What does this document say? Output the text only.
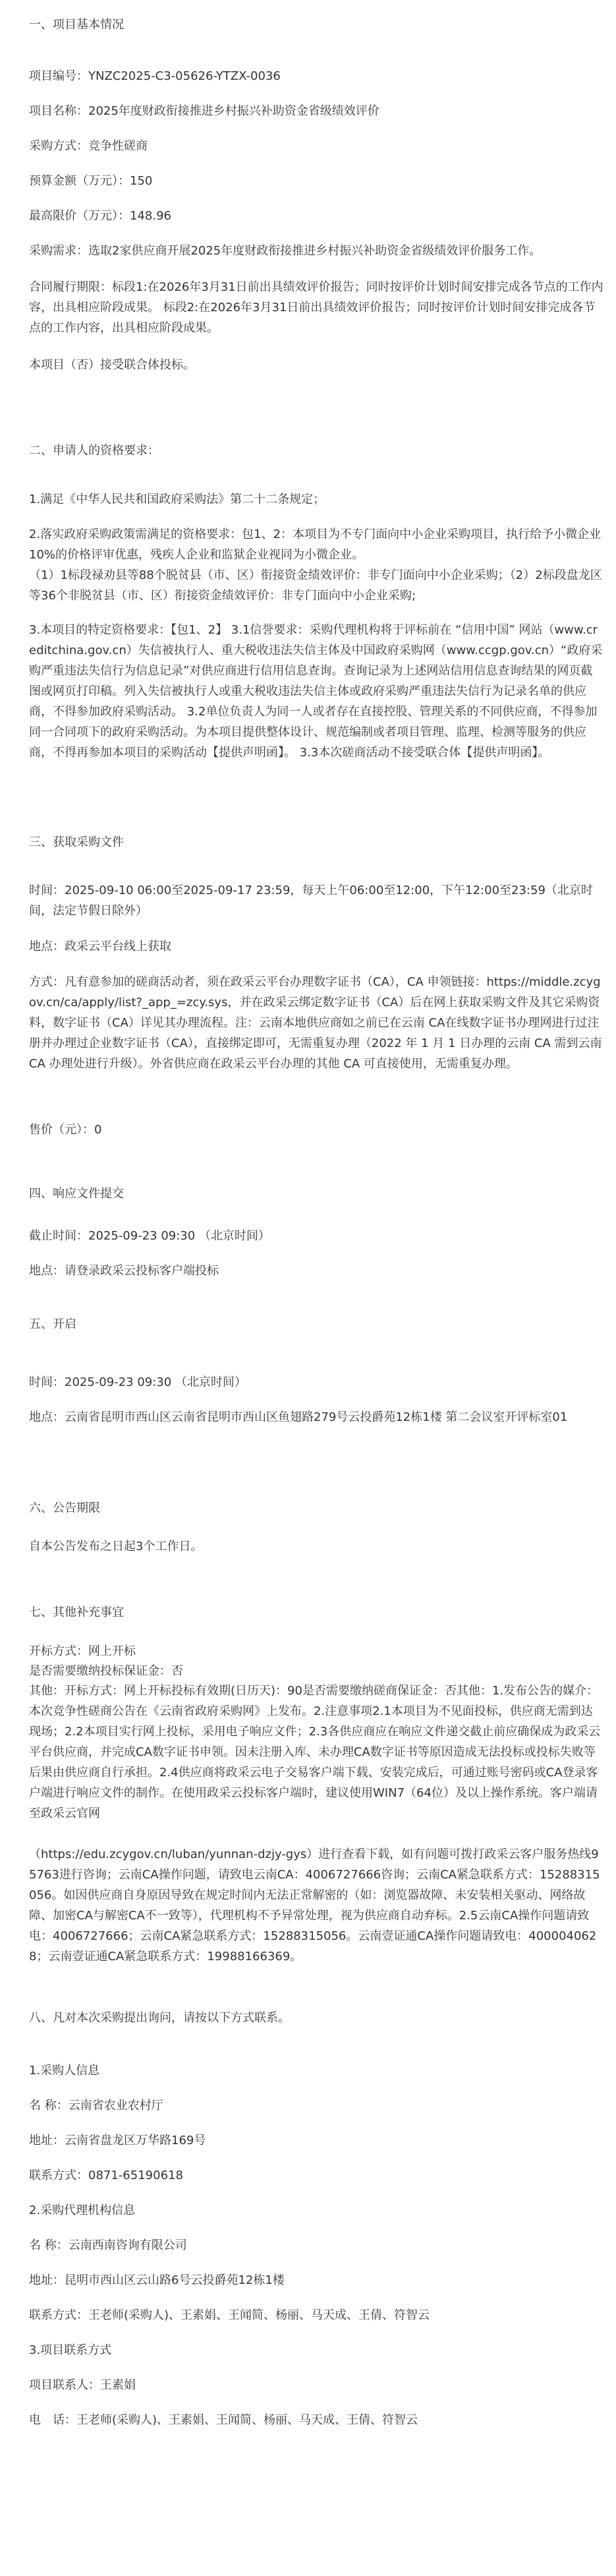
一、项目基本情况
项目编号：YNZC2025-C3-05626-YTZX-0036
项目名称：2025年度财政衔接推进乡村振兴补助资金省级绩效评价
采购方式：竞争性磋商
预算金额（万元）：150
最高限价（万元）：148.96
采购需求：选取2家供应商开展2025年度财政衔接推进乡村振兴补助资金省级绩效评价服务工作。
合同履行期限：标段1:在2026年3月31日前出具绩效评价报告；同时按评价计划时间安排完成各节点的工作内容，出具相应阶段成果。 标段2:在2026年3月31日前出具绩效评价报告；同时按评价计划时间安排完成各节点的工作内容，出具相应阶段成果。
本项目（否）接受联合体投标。
二、申请人的资格要求：
1.满足《中华人民共和国政府采购法》第二十二条规定；
2.落实政府采购政策需满足的资格要求：包1、2：本项目为不专门面向中小企业采购项目，执行给予小微企业10%的价格评审优惠，残疾人企业和监狱企业视同为小微企业。
（1）1标段禄劝县等88个脱贫县（市、区）衔接资金绩效评价：非专门面向中小企业采购；（2）2标段盘龙区等36个非脱贫县（市、区）衔接资金绩效评价：非专门面向中小企业采购;
3.本项目的特定资格要求：【包1、2】 3.1信誉要求：采购代理机构将于评标前在 “信用中国” 网站（www.creditchina.gov.cn）失信被执行人、重大税收违法失信主体及中国政府采购网（www.ccgp.gov.cn）“政府采购严重违法失信行为信息记录”对供应商进行信用信息查询。查询记录为上述网站信用信息查询结果的网页截图或网页打印稿。列入失信被执行人或重大税收违法失信主体或政府采购严重违法失信行为记录名单的供应商，不得参加政府采购活动。 3.2单位负责人为同一人或者存在直接控股、管理关系的不同供应商，不得参加同一合同项下的政府采购活动。为本项目提供整体设计、规范编制或者项目管理、监理、检测等服务的供应商，不得再参加本项目的采购活动【提供声明函】。 3.3本次磋商活动不接受联合体【提供声明函】。
三、获取采购文件
时间：2025-09-10 06:00至2025-09-17 23:59，每天上午06:00至12:00，下午12:00至23:59（北京时间，法定节假日除外）
地点：政采云平台线上获取
方式：凡有意参加的磋商活动者，须在政采云平台办理数字证书（CA），CA 申领链接：https://middle.zcygov.cn/ca/apply/list?_app_=zcy.sys，并在政采云绑定数字证书（CA）后在网上获取采购文件及其它采购资料，数字证书（CA）详见其办理流程。注：云南本地供应商如之前已在云南 CA在线数字证书办理网进行过注册并办理过企业数字证书（CA），直接绑定即可，无需重复办理（2022 年 1 月 1 日办理的云南 CA 需到云南 CA 办理处进行升级）。外省供应商在政采云平台办理的其他 CA 可直接使用，无需重复办理。
售价（元）：0
四、响应文件提交
截止时间：2025-09-23 09:30 （北京时间）
地点：请登录政采云投标客户端投标
五、开启
时间：2025-09-23 09:30 （北京时间）
地点：云南省昆明市西山区云南省昆明市西山区鱼翅路279号云投爵苑12栋1楼 第二会议室开评标室01
六、公告期限
自本公告发布之日起3个工作日。
七、其他补充事宜
开标方式：网上开标
是否需要缴纳投标保证金：否
其他：开标方式：网上开标投标有效期(日历天)：90是否需要缴纳磋商保证金：否其他：1.发布公告的媒介：本次竞争性磋商公告在《云南省政府采购网》上发布。2.注意事项2.1本项目为不见面投标，供应商无需到达现场；2.2本项目实行网上投标，采用电子响应文件；2.3各供应商应在响应文件递交截止前应确保成为政采云平台供应商，并完成CA数字证书申领。因未注册入库、未办理CA数字证书等原因造成无法投标或投标失败等后果由供应商自行承担。2.4供应商将政采云电子交易客户端下载、安装完成后，可通过账号密码或CA登录客户端进行响应文件的制作。在使用政采云投标客户端时，建议使用WIN7（64位）及以上操作系统。客户端请至政采云官网
（https://edu.zcygov.cn/luban/yunnan-dzjy-gys）进行查看下载，如有问题可拨打政采云客户服务热线95763进行咨询；云南CA操作问题，请致电云南CA：4006727666咨询；云南CA紧急联系方式：15288315056。如因供应商自身原因导致在规定时间内无法正常解密的（如：浏览器故障、未安装相关驱动、网络故障、加密CA与解密CA不一致等），代理机构不予异常处理，视为供应商自动弃标。2.5云南CA操作问题请致电：4006727666；云南CA紧急联系方式：15288315056。云南壹证通CA操作问题请致电：4000040628；云南壹证通CA紧急联系方式：19988166369。
八、凡对本次采购提出询问，请按以下方式联系。
1.采购人信息
名 称：云南省农业农村厅
地址：云南省盘龙区万华路169号
联系方式：0871-65190618
2.采购代理机构信息
名 称：云南西南咨询有限公司
地址：昆明市西山区云山路6号云投爵苑12栋1楼
联系方式：王老师(采购人)、王素娟、王闻简、杨丽、马天成、王倩、符智云
3.项目联系方式
项目联系人：王素娟
电　话：王老师(采购人)、王素娟、王闻简、杨丽、马天成、王倩、符智云
